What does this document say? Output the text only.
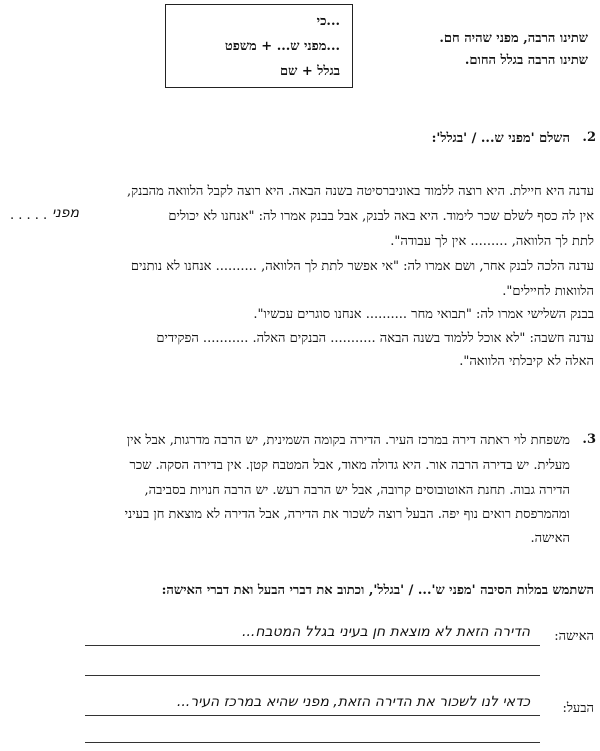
שתינו הרבה, מפני שהיה חם.
שתינו הרבה בגלל החום.
...כי
...מפני ש... + משפט
בגלל + שם
.2
השלם 'מפני ש... / 'בגלל':
עדנה היא חיילת. היא רוצה ללמוד באוניברסיטה בשנה הבאה. היא רוצה לקבל הלוואה מהבנק,
אין לה כסף לשלם שכר לימוד. היא באה לבנק, אבל בבנק אמרו לה: "אנחנו לא יכולים
מפני
. . . . .
לתת לך הלוואה, ......... אין לך עבודה".
עדנה הלכה לבנק אחר, ושם אמרו לה: "אי אפשר לתת לך הלוואה, .......... אנחנו לא נותנים
הלוואות לחיילים".
בבנק השלישי אמרו לה: "תבואי מחר .......... אנחנו סוגרים עכשיו".
עדנה חשבה: "לא אוכל ללמוד בשנה הבאה ........... הבנקים האלה. ........... הפקידים
האלה לא קיבלתי הלוואה".
.3
משפחת לוי ראתה דירה במרכז העיר. הדירה בקומה השמינית, יש הרבה מדרגות, אבל אין
מעלית. יש בדירה הרבה אור. היא גדולה מאוד, אבל המטבח קטן. אין בדירה הסקה. שכר
הדירה גבוה. תחנת האוטובוסים קרובה, אבל יש הרבה רעש. יש הרבה חנויות בסביבה,
ומהמרפסת רואים נוף יפה. הבעל רוצה לשכור את הדירה, אבל הדירה לא מוצאת חן בעיני
האישה.
השתמש במלות הסיבה 'מפני ש'... / 'בגלל', וכתוב את דברי הבעל ואת דברי האישה:
האישה:
הדירה הזאת לא מוצאת חן בעיני בגלל המטבח...
הבעל:
כדאי לנו לשכור את הדירה הזאת, מפני שהיא במרכז העיר...
